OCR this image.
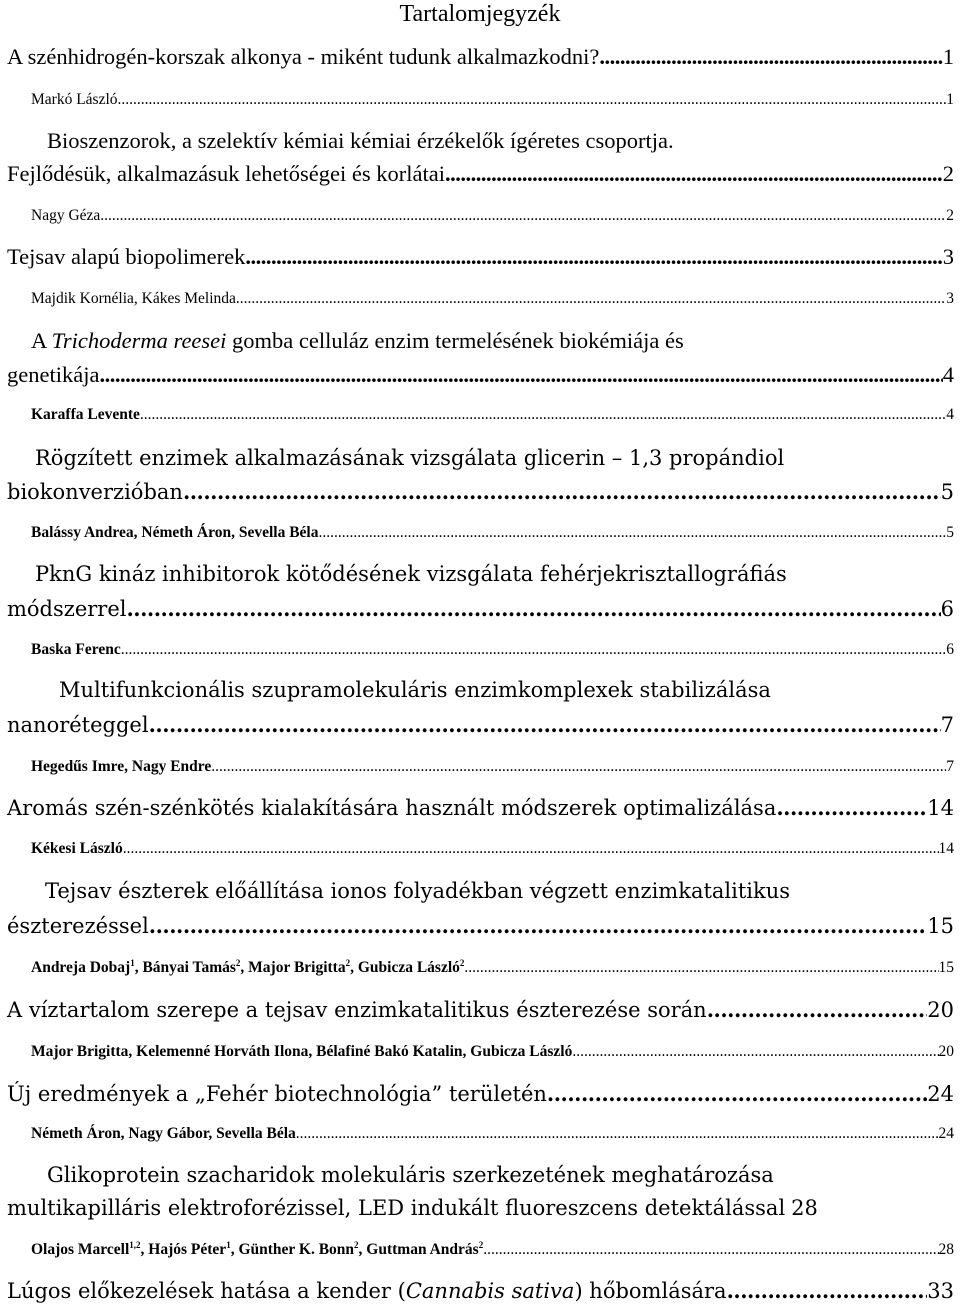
Tartalomjegyzék
A szénhidrogén-korszak alkonya - miként tudunk alkalmazkodni? .....	1
Markó László .....	1
Bioszenzorok, a szelektív kémiai kémiai érzékelők ígéretes csoportja.
Fejlődésük, alkalmazásuk lehetőségei és korlátai .....	2
Nagy Géza .....	2
Tejsav alapú biopolimerek .....	3
Majdik Kornélia, Kákes Melinda .....	3
A Trichoderma reesei gomba celluláz enzim termelésének biokémiája és
genetikája .....	4
Karaffa Levente .....	4
Rögzített enzimek alkalmazásának vizsgálata glicerin – 1,3 propándiol
biokonverzióban .....	5
Balássy Andrea, Németh Áron, Sevella Béla .....	5
PknG kináz inhibitorok kötődésének vizsgálata fehérjekrisztallográfiás
módszerrel .....	6
Baska Ferenc .....	6
Multifunkcionális szupramolekuláris enzimkomplexek stabilizálása
nanoréteggel .....	7
Hegedűs Imre, Nagy Endre .....	7
Aromás szén-szénkötés kialakítására használt módszerek optimalizálása .....	14
Kékesi László .....	14
Tejsav észterek előállítása ionos folyadékban végzett enzimkatalitikus
észterezéssel .....	15
Andreja Dobaj$^1$, Bányai Tamás$^2$, Major Brigitta$^2$, Gubicza László$^2$ .....	15
A víztartalom szerepe a tejsav enzimkatalitikus észterezése során .....	20
Major Brigitta, Kelemenné Horváth Ilona, Bélafiné Bakó Katalin, Gubicza László .....	20
Új eredmények a „Fehér biotechnológia” területén .....	24
Németh Áron, Nagy Gábor, Sevella Béla .....	24
Glikoprotein szacharidok molekuláris szerkezetének meghatározása
multikapilláris elektroforézissel, LED indukált fluoreszcens detektálással 28
Olajos Marcell$^{1,2}$, Hajós Péter$^1$, Günther K. Bonn$^2$, Guttman András$^2$ .....	28
Lúgos előkezelések hatása a kender (Cannabis sativa) hőbomlására .....	33
